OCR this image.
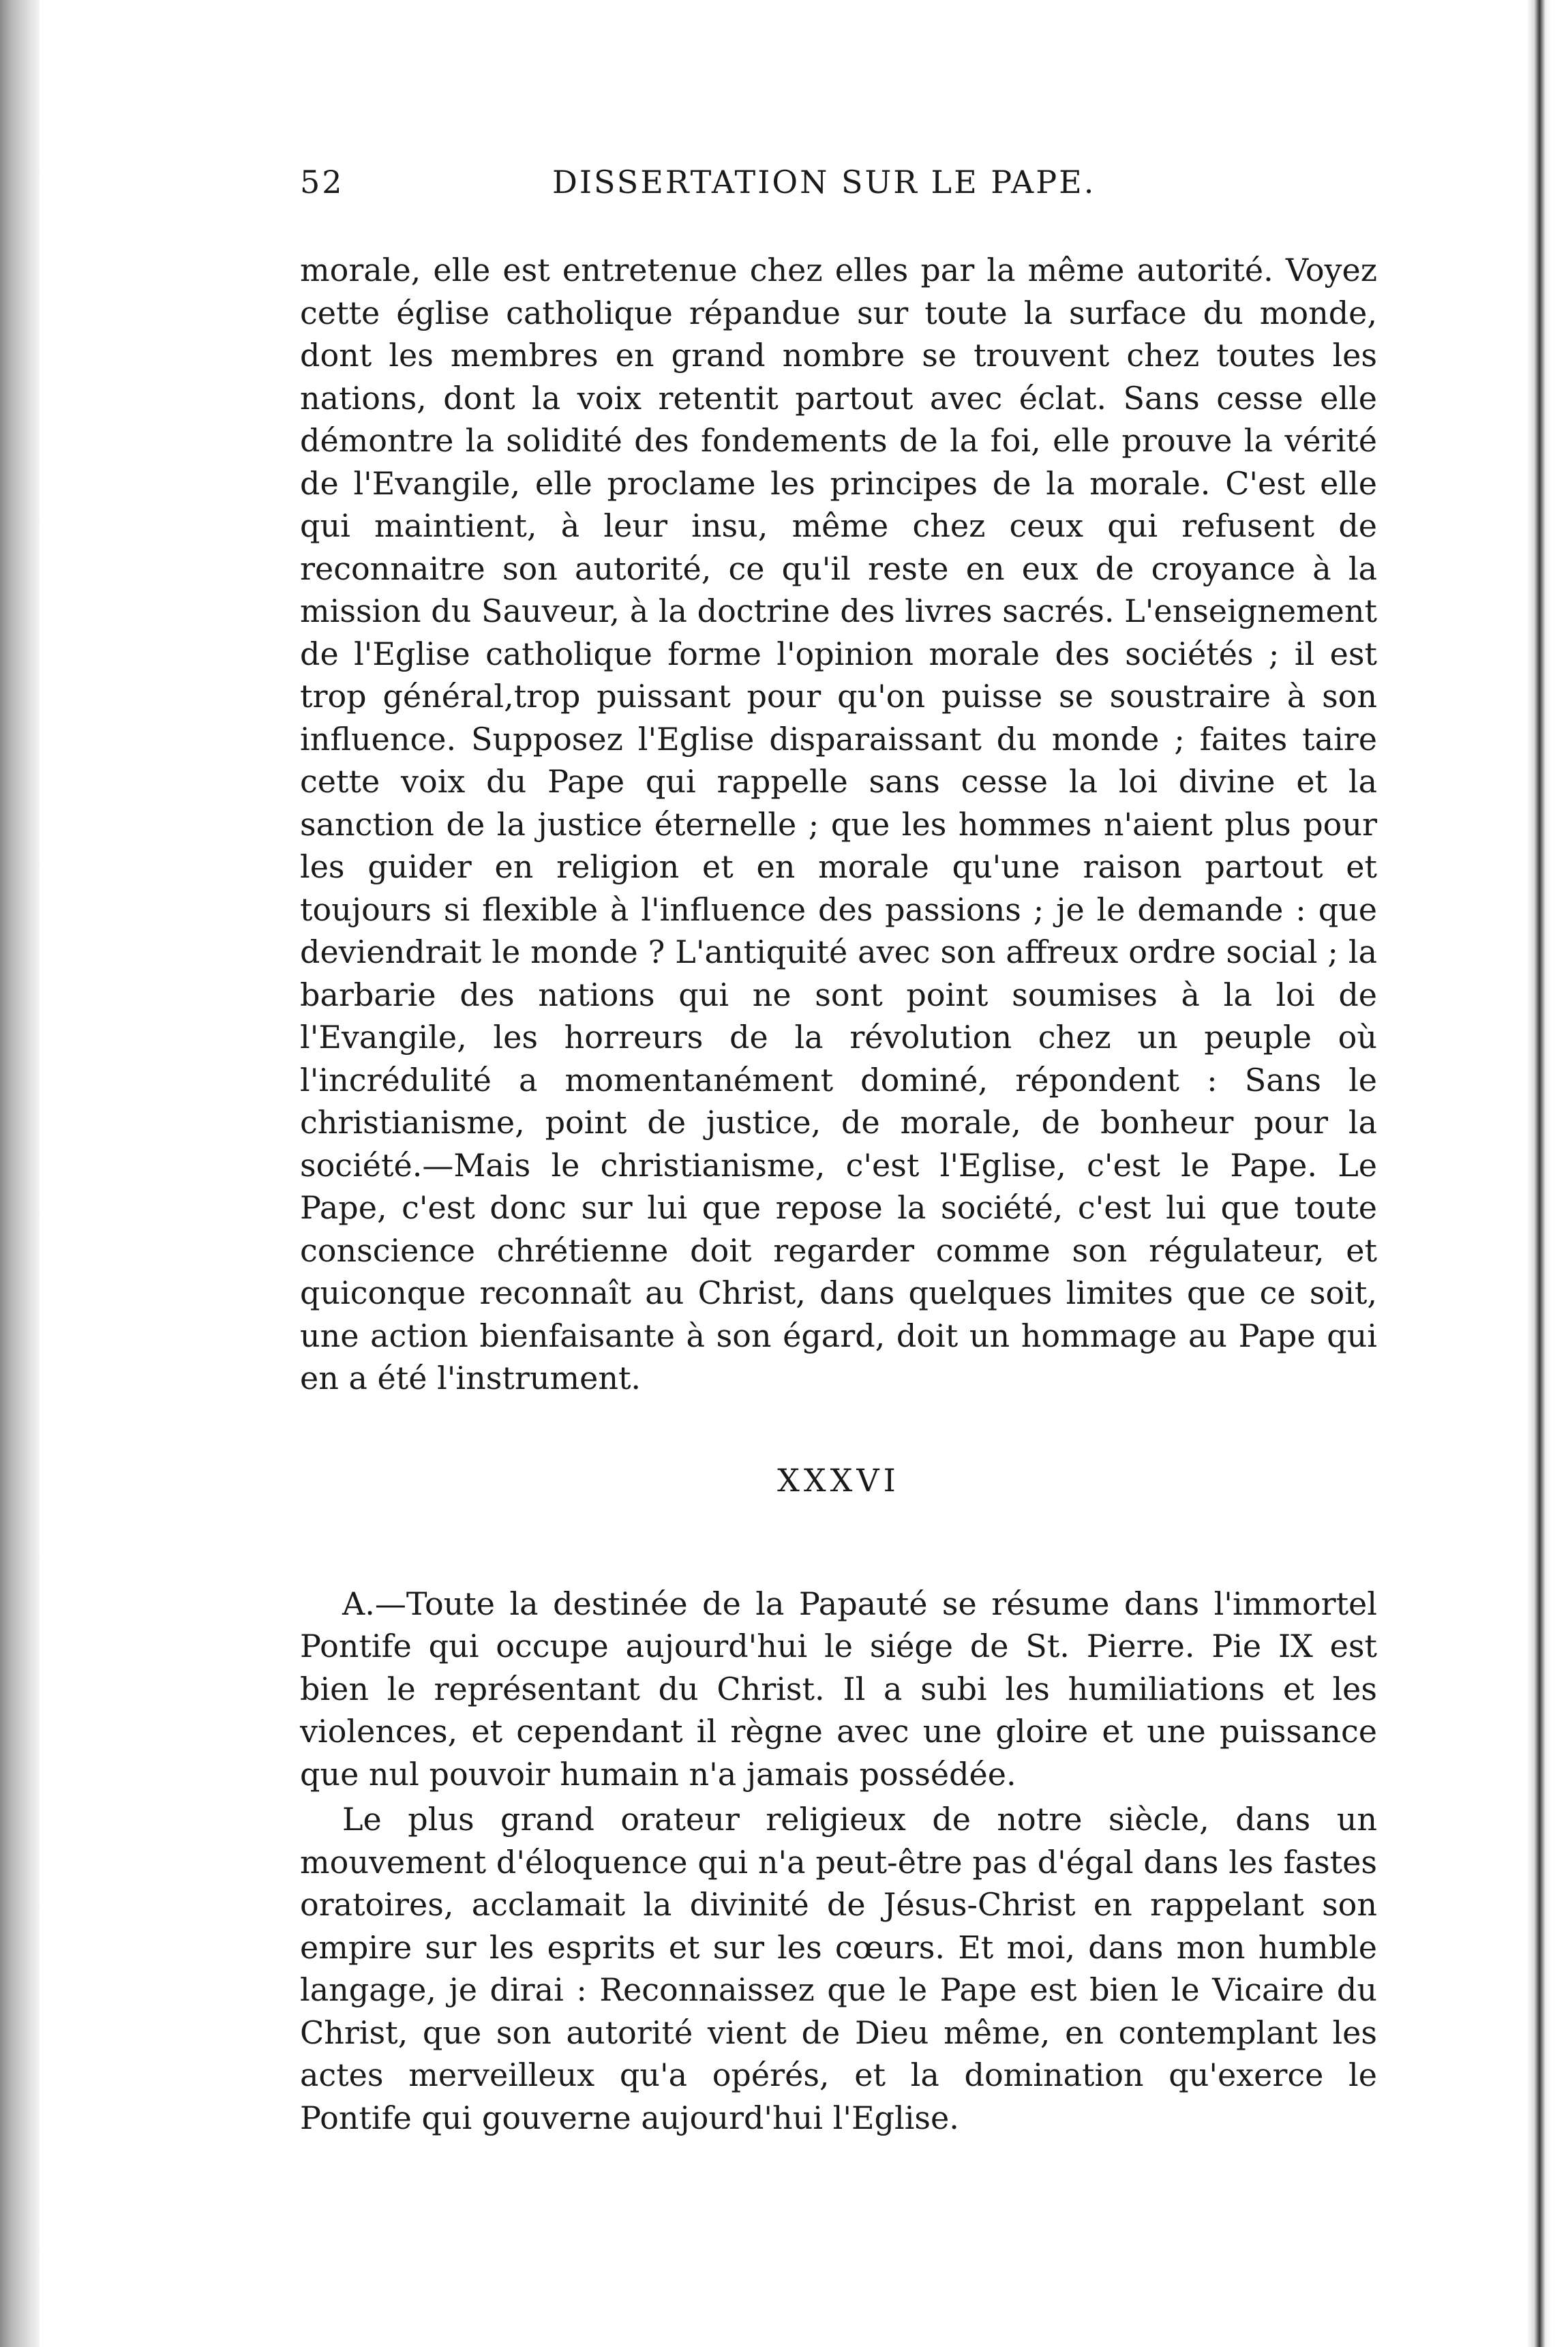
52	DISSERTATION SUR LE PAPE.

morale, elle est entretenue chez elles par la même autorité. Voyez cette église catholique répandue sur toute la surface du monde, dont les membres en grand nombre se trouvent chez toutes les nations, dont la voix retentit partout avec éclat. Sans cesse elle démontre la solidité des fondements de la foi, elle prouve la vérité de l'Evangile, elle proclame les principes de la morale. C'est elle qui maintient, à leur insu, même chez ceux qui refusent de reconnaitre son autorité, ce qu'il reste en eux de croyance à la mission du Sauveur, à la doctrine des livres sacrés. L'enseignement de l'Eglise catholique forme l'opinion morale des sociétés ; il est trop général,trop puissant pour qu'on puisse se soustraire à son influence. Supposez l'Eglise disparaissant du monde ; faites taire cette voix du Pape qui rappelle sans cesse la loi divine et la sanction de la justice éternelle ; que les hommes n'aient plus pour les guider en religion et en morale qu'une raison partout et toujours si flexible à l'influence des passions ; je le demande : que deviendrait le monde ? L'antiquité avec son affreux ordre social ; la barbarie des nations qui ne sont point soumises à la loi de l'Evangile, les horreurs de la révolution chez un peuple où l'incrédulité a momentanément dominé, répondent : Sans le christianisme, point de justice, de morale, de bonheur pour la société.—Mais le christianisme, c'est l'Eglise, c'est le Pape. Le Pape, c'est donc sur lui que repose la société, c'est lui que toute conscience chrétienne doit regarder comme son régulateur, et quiconque reconnaît au Christ, dans quelques limites que ce soit, une action bienfaisante à son égard, doit un hommage au Pape qui en a été l'instrument.

XXXVI

A.—Toute la destinée de la Papauté se résume dans l'immortel Pontife qui occupe aujourd'hui le siége de St. Pierre. Pie IX est bien le représentant du Christ. Il a subi les humiliations et les violences, et cependant il règne avec une gloire et une puissance que nul pouvoir humain n'a jamais possédée.

Le plus grand orateur religieux de notre siècle, dans un mouvement d'éloquence qui n'a peut-être pas d'égal dans les fastes oratoires, acclamait la divinité de Jésus-Christ en rappelant son empire sur les esprits et sur les cœurs. Et moi, dans mon humble langage, je dirai : Reconnaissez que le Pape est bien le Vicaire du Christ, que son autorité vient de Dieu même, en contemplant les actes merveilleux qu'a opérés, et la domination qu'exerce le Pontife qui gouverne aujourd'hui l'Eglise.
